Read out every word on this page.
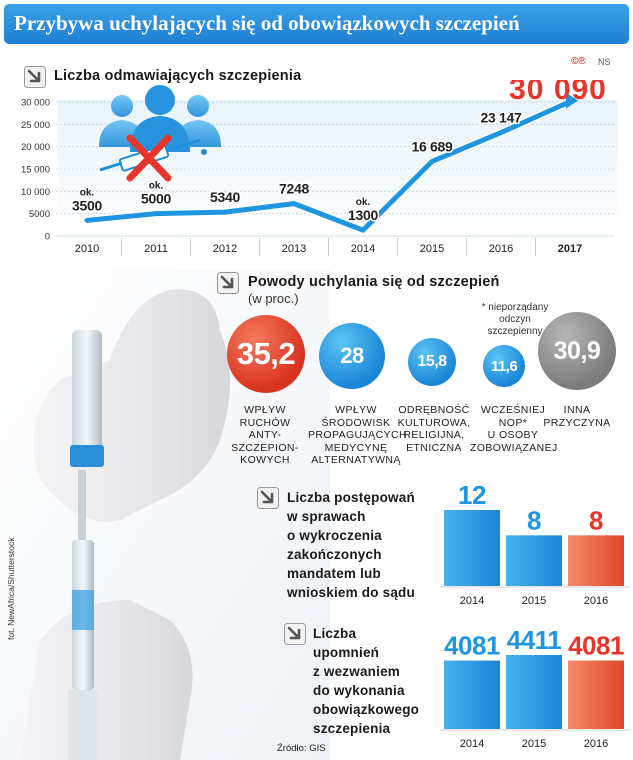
Przybywa uchylających się od obowiązkowych szczepień
©℗ NS
Liczba odmawiających szczepienia
0
5000
10 000
15 000
20 000
25 000
30 000
ok.
3500
ok.
5000	5340
7248
ok.
1300
16 689
23 147
30 090
2010	2011	2012	2013	2014	2015	2016	2017
fot. NewAfrica/Shutterstock
Powody uchylania się od szczepień
(w proc.)
* nieporządany
odczyn
szczepienny
35,2 28	15,8	11,6
30,9
WPŁYW
RUCHÓW
ANTY-
SZCZEPION-
KOWYCH
WPŁYW
ŚRODOWISK
PROPAGUJĄCYCH
MEDYCYNĘ
ALTERNATYWNĄ
ODRĘBNOŚĆ
KULTUROWA,
RELIGIJNA,
ETNICZNA
WCZEŚNIEJ
NOP*
U OSOBY
ZOBOWIĄZANEJ
INNA
PRZYCZYNA
Liczba postępowań
w sprawach
o wykroczenia
zakończonych
mandatem lub
wnioskiem do sądu
12
2014
8
2015
8
2016
Liczba
upomnień
z wezwaniem
do wykonania
obowiązkowego
szczepienia
4081
2014
4411
2015
4081
2016
Źródło: GIS
